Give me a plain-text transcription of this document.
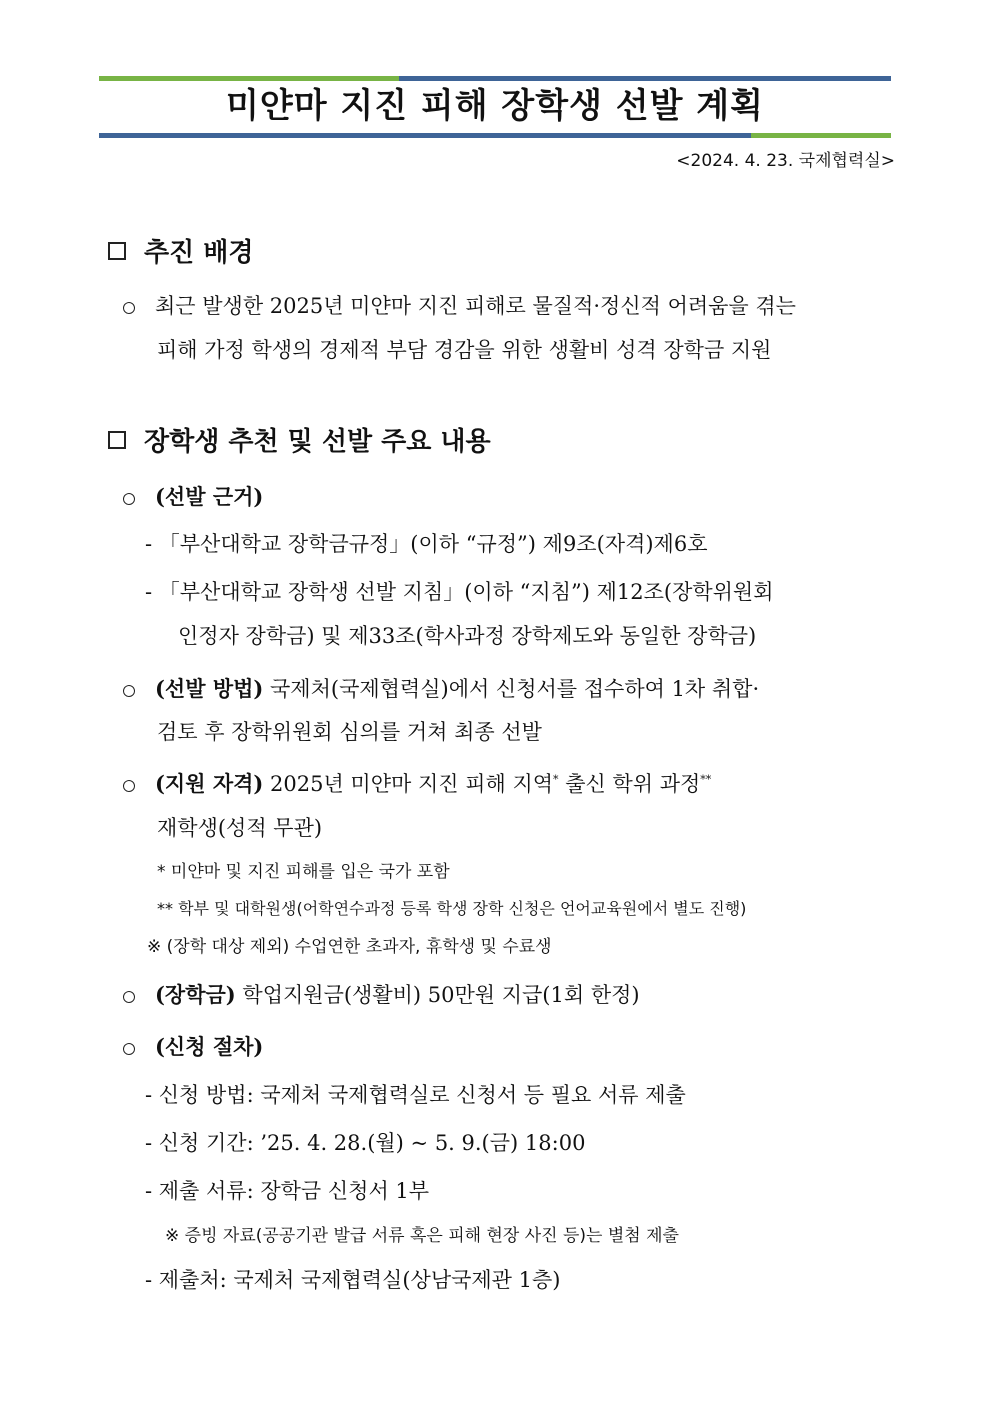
미얀마 지진 피해 장학생 선발 계획
<2024. 4. 23. 국제협력실>
추진 배경
최근 발생한 2025년 미얀마 지진 피해로 물질적·정신적 어려움을 겪는
피해 가정 학생의 경제적 부담 경감을 위한 생활비 성격 장학금 지원
장학생 추천 및 선발 주요 내용
(선발 근거)
- 「부산대학교 장학금규정」(이하 “규정”) 제9조(자격)제6호
- 「부산대학교 장학생 선발 지침」(이하 “지침”) 제12조(장학위원회
인정자 장학금) 및 제33조(학사과정 장학제도와 동일한 장학금)
(선발 방법) 국제처(국제협력실)에서 신청서를 접수하여 1차 취합·
검토 후 장학위원회 심의를 거쳐 최종 선발
(지원 자격) 2025년 미얀마 지진 피해 지역* 출신 학위 과정**
재학생(성적 무관)
* 미얀마 및 지진 피해를 입은 국가 포함
** 학부 및 대학원생(어학연수과정 등록 학생 장학 신청은 언어교육원에서 별도 진행)
※ (장학 대상 제외) 수업연한 초과자, 휴학생 및 수료생
(장학금) 학업지원금(생활비) 50만원 지급(1회 한정)
(신청 절차)
- 신청 방법: 국제처 국제협력실로 신청서 등 필요 서류 제출
- 신청 기간: ’25. 4. 28.(월) ~ 5. 9.(금) 18:00
- 제출 서류: 장학금 신청서 1부
※ 증빙 자료(공공기관 발급 서류 혹은 피해 현장 사진 등)는 별첨 제출
- 제출처: 국제처 국제협력실(상남국제관 1층)
